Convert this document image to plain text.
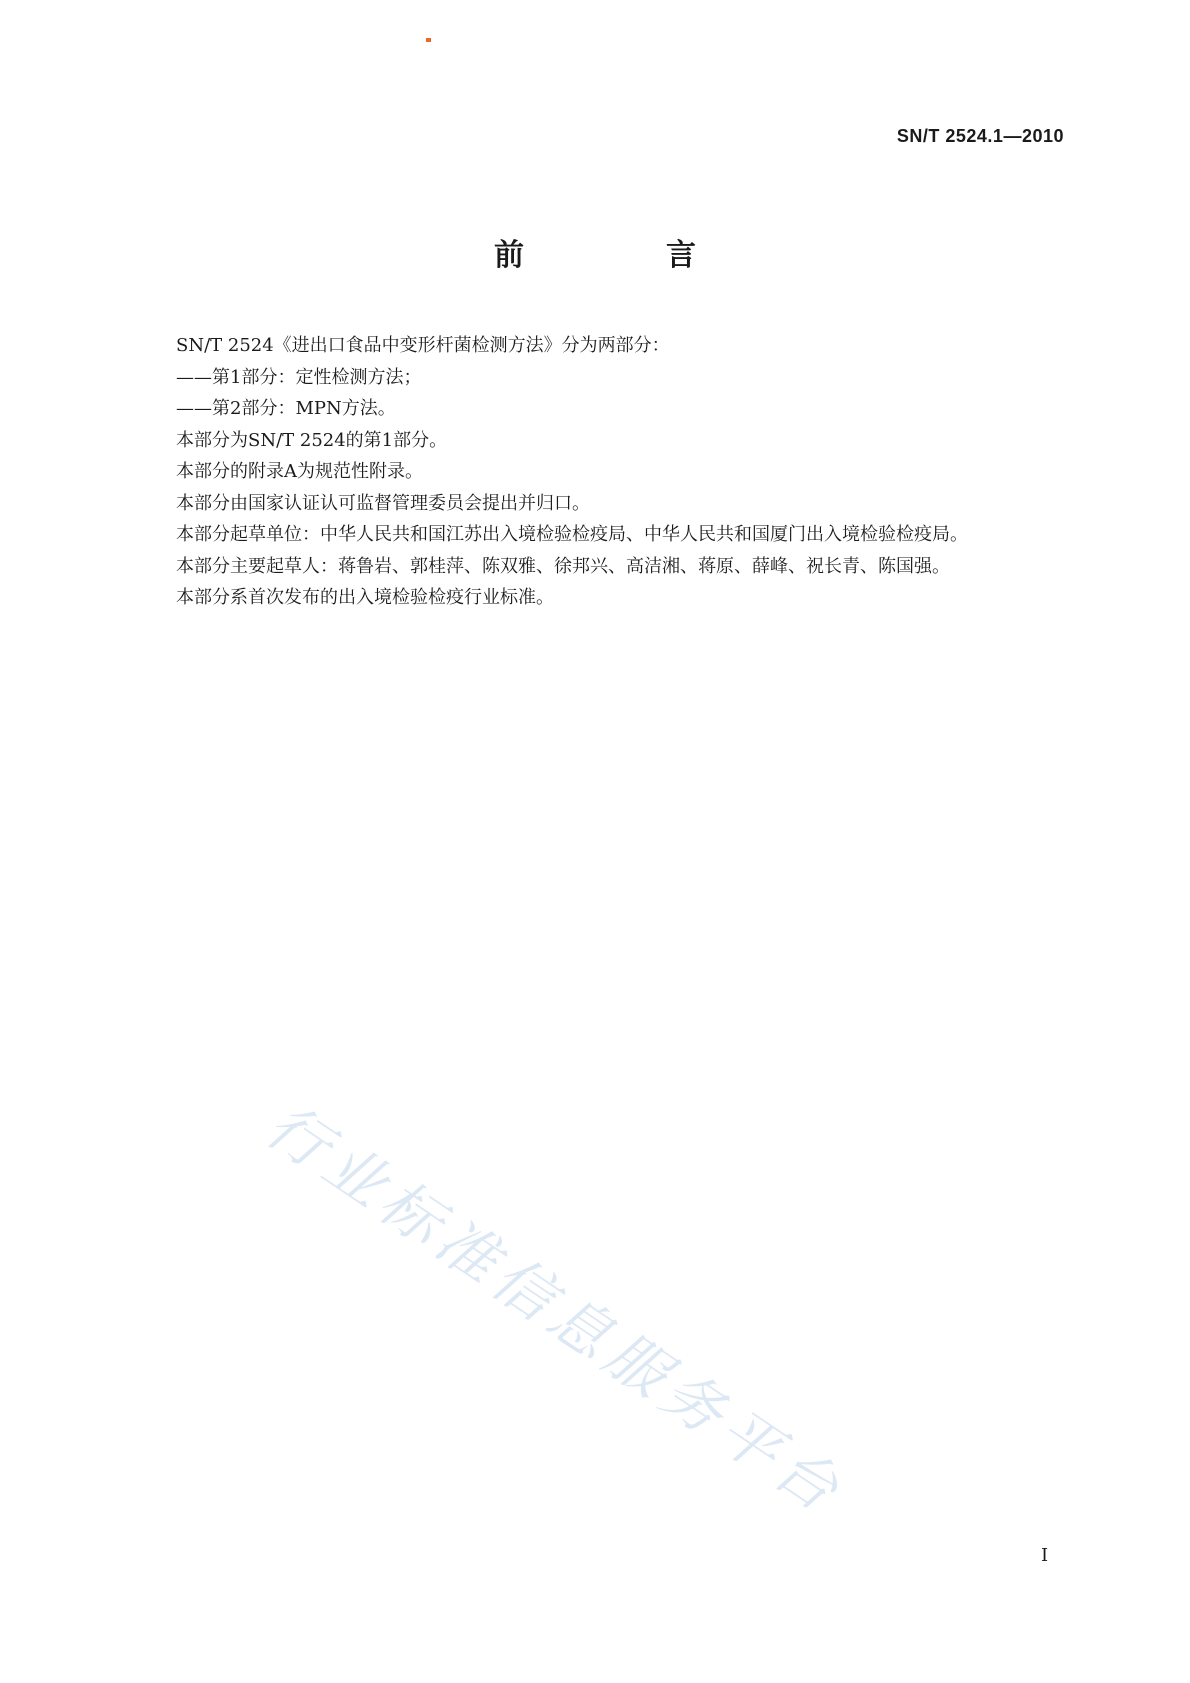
SN/T 2524.1—2010
前　言

SN/T 2524《进出口食品中变形杆菌检测方法》分为两部分：

——第1部分：定性检测方法；

——第2部分：MPN方法。

本部分为SN/T 2524的第1部分。

本部分的附录A为规范性附录。

本部分由国家认证认可监督管理委员会提出并归口。

本部分起草单位：中华人民共和国江苏出入境检验检疫局、中华人民共和国厦门出入境检验检疫局。

本部分主要起草人：蒋鲁岩、郭桂萍、陈双雅、徐邦兴、高洁湘、蒋原、薛峰、祝长青、陈国强。

本部分系首次发布的出入境检验检疫行业标准。

行业标准信息服务平台
I
